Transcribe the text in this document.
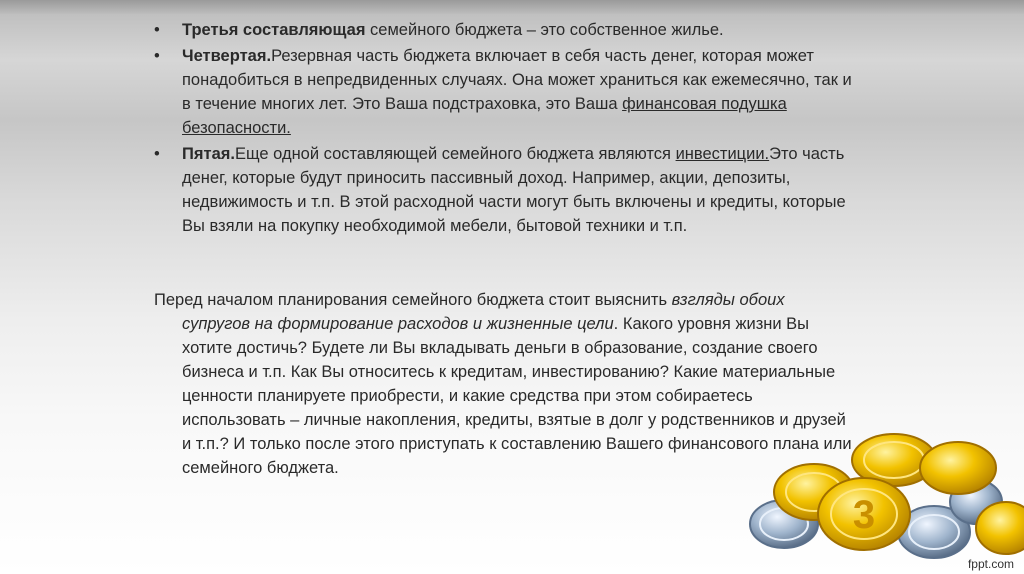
• Третья составляющая семейного бюджета – это собственное жилье.
• Четвертая.Резервная часть бюджета включает в себя часть денег, которая может понадобиться в непредвиденных случаях. Она может храниться как ежемесячно, так и в течение многих лет. Это Ваша подстраховка, это Ваша финансовая подушка безопасности.
• Пятая.Еще одной составляющей семейного бюджета являются инвестиции.Это часть денег, которые будут приносить пассивный доход. Например, акции, депозиты, недвижимость и т.п. В этой расходной части могут быть включены и кредиты, которые Вы взяли на покупку необходимой мебели, бытовой техники и т.п.

Перед началом планирования семейного бюджета стоит выяснить взгляды обоих супругов на формирование расходов и жизненные цели. Какого уровня жизни Вы хотите достичь? Будете ли Вы вкладывать деньги в образование, создание своего бизнеса и т.п. Как Вы относитесь к кредитам, инвестированию? Какие материальные ценности планируете приобрести, и какие средства при этом собираетесь использовать – личные накопления, кредиты, взятые в долг у родственников и друзей и т.п.? И только после этого приступать к составлению Вашего финансового плана или семейного бюджета.

3
fppt.com
